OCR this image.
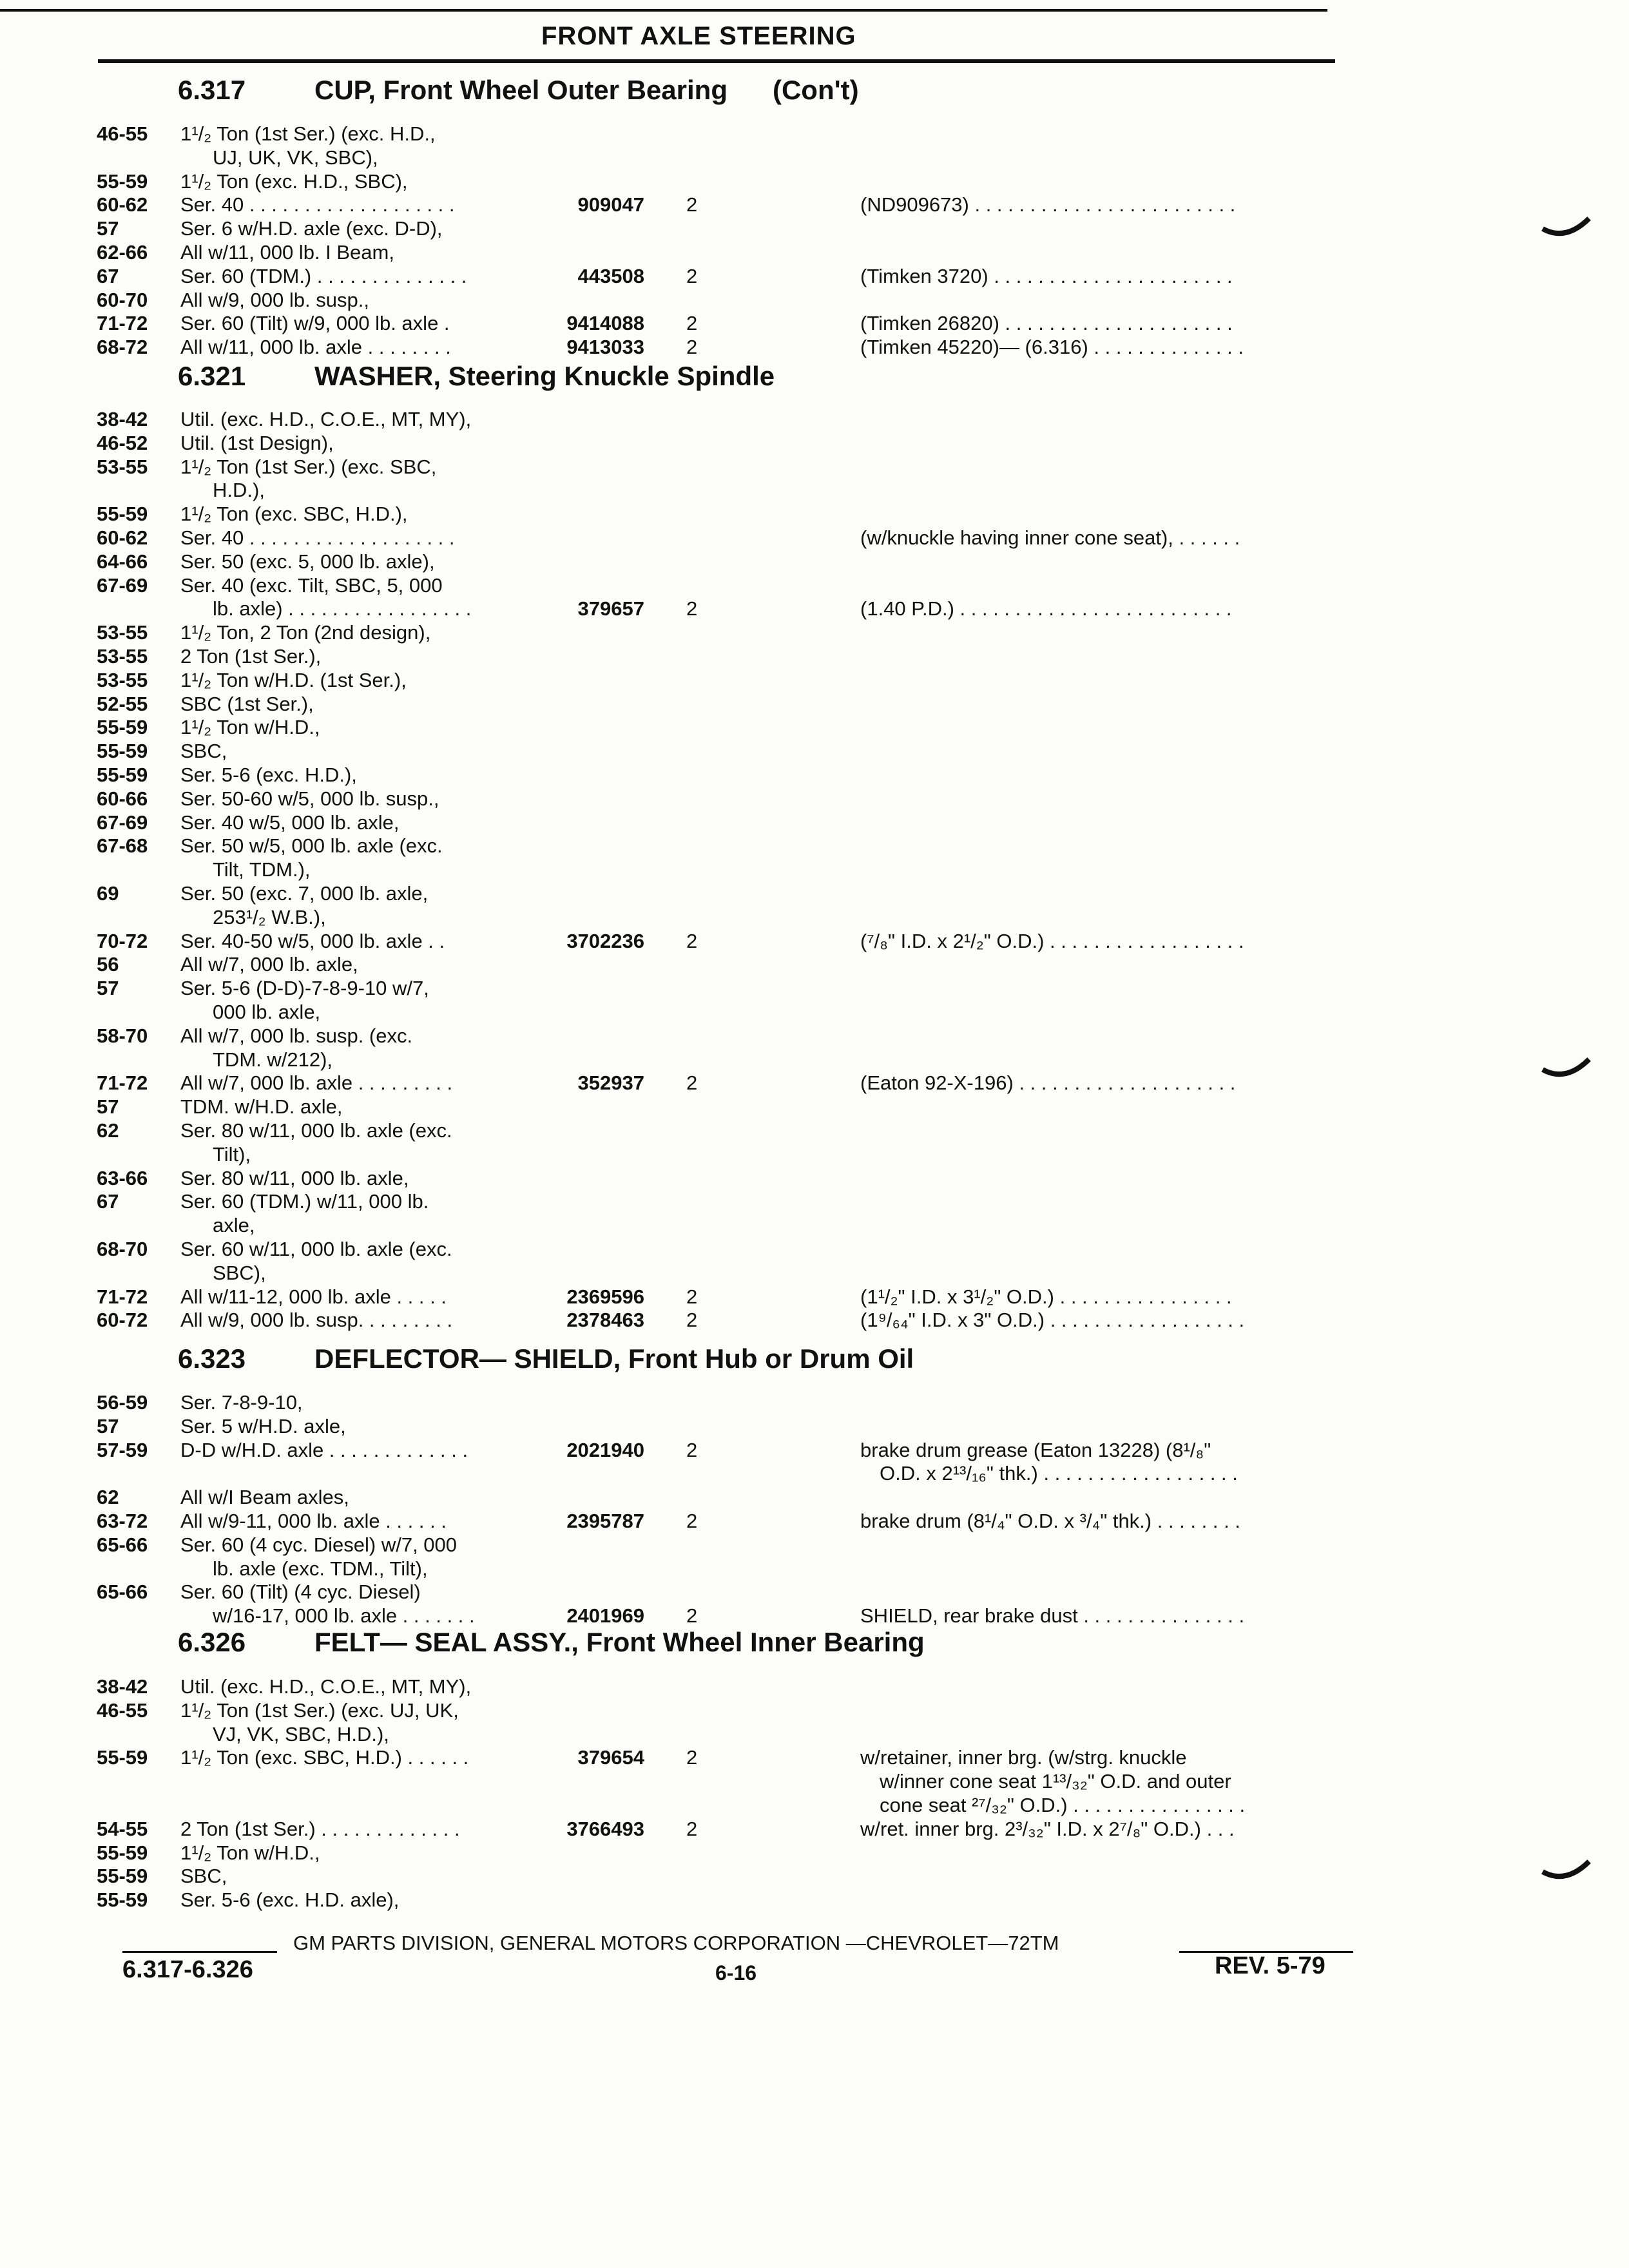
FRONT AXLE STEERING
6.317	CUP, Front Wheel Outer Bearing (Con't)
46-55	1¹/₂ Ton (1st Ser.) (exc. H.D.,
UJ, UK, VK, SBC),
55-59	1¹/₂ Ton (exc. H.D., SBC),
60-62	Ser. 40 . . . . . . . . . . . . . . . . . . .	909047 2	(ND909673) . . . . . . . . . . . . . . . . . . . . . . . .
57	Ser. 6 w/H.D. axle (exc. D-D),
62-66	All w/11, 000 lb. I Beam,
67	Ser. 60 (TDM.) . . . . . . . . . . . . . .	443508 2	(Timken 3720) . . . . . . . . . . . . . . . . . . . . . .
60-70	All w/9, 000 lb. susp.,
71-72	Ser. 60 (Tilt) w/9, 000 lb. axle .	9414088 2	(Timken 26820) . . . . . . . . . . . . . . . . . . . . .
68-72	All w/11, 000 lb. axle . . . . . . . .	9413033 2	(Timken 45220)— (6.316) . . . . . . . . . . . . . .
6.321	WASHER, Steering Knuckle Spindle
38-42	Util. (exc. H.D., C.O.E., MT, MY),
46-52	Util. (1st Design),
53-55	1¹/₂ Ton (1st Ser.) (exc. SBC,
H.D.),
55-59	1¹/₂ Ton (exc. SBC, H.D.),
60-62	Ser. 40 . . . . . . . . . . . . . . . . . . .	(w/knuckle having inner cone seat), . . . . . .
64-66	Ser. 50 (exc. 5, 000 lb. axle),
67-69	Ser. 40 (exc. Tilt, SBC, 5, 000
lb. axle) . . . . . . . . . . . . . . . . .	379657 2	(1.40 P.D.) . . . . . . . . . . . . . . . . . . . . . . . . .
53-55	1¹/₂ Ton, 2 Ton (2nd design),
53-55	2 Ton (1st Ser.),
53-55	1¹/₂ Ton w/H.D. (1st Ser.),
52-55	SBC (1st Ser.),
55-59	1¹/₂ Ton w/H.D.,
55-59	SBC,
55-59	Ser. 5-6 (exc. H.D.),
60-66	Ser. 50-60 w/5, 000 lb. susp.,
67-69	Ser. 40 w/5, 000 lb. axle,
67-68	Ser. 50 w/5, 000 lb. axle (exc.
Tilt, TDM.),
69	Ser. 50 (exc. 7, 000 lb. axle,
253¹/₂ W.B.),
70-72	Ser. 40-50 w/5, 000 lb. axle . .	3702236 2	(⁷/₈" I.D. x 2¹/₂" O.D.) . . . . . . . . . . . . . . . . . .
56	All w/7, 000 lb. axle,
57	Ser. 5-6 (D-D)-7-8-9-10 w/7,
000 lb. axle,
58-70	All w/7, 000 lb. susp. (exc.
TDM. w/212),
71-72	All w/7, 000 lb. axle . . . . . . . . .	352937 2	(Eaton 92-X-196) . . . . . . . . . . . . . . . . . . . .
57	TDM. w/H.D. axle,
62	Ser. 80 w/11, 000 lb. axle (exc.
Tilt),
63-66	Ser. 80 w/11, 000 lb. axle,
67	Ser. 60 (TDM.) w/11, 000 lb.
axle,
68-70	Ser. 60 w/11, 000 lb. axle (exc.
SBC),
71-72	All w/11-12, 000 lb. axle . . . . .	2369596 2	(1¹/₂" I.D. x 3¹/₂" O.D.) . . . . . . . . . . . . . . . .
60-72	All w/9, 000 lb. susp. . . . . . . . .	2378463 2	(1⁹/₆₄" I.D. x 3" O.D.) . . . . . . . . . . . . . . . . . .
6.323	DEFLECTOR— SHIELD, Front Hub or Drum Oil
56-59	Ser. 7-8-9-10,
57	Ser. 5 w/H.D. axle,
57-59	D-D w/H.D. axle . . . . . . . . . . . . .	2021940 2	brake drum grease (Eaton 13228) (8¹/₈"
O.D. x 2¹³/₁₆" thk.) . . . . . . . . . . . . . . . . . .
62	All w/I Beam axles,
63-72	All w/9-11, 000 lb. axle . . . . . .	2395787 2	brake drum (8¹/₄" O.D. x ³/₄" thk.) . . . . . . . .
65-66	Ser. 60 (4 cyc. Diesel) w/7, 000
lb. axle (exc. TDM., Tilt),
65-66	Ser. 60 (Tilt) (4 cyc. Diesel)
w/16-17, 000 lb. axle . . . . . . .	2401969 2	SHIELD, rear brake dust . . . . . . . . . . . . . . .
6.326	FELT— SEAL ASSY., Front Wheel Inner Bearing
38-42	Util. (exc. H.D., C.O.E., MT, MY),
46-55	1¹/₂ Ton (1st Ser.) (exc. UJ, UK,
VJ, VK, SBC, H.D.),
55-59	1¹/₂ Ton (exc. SBC, H.D.) . . . . . .	379654 2	w/retainer, inner brg. (w/strg. knuckle
w/inner cone seat 1¹³/₃₂" O.D. and outer
cone seat ²⁷/₃₂" O.D.) . . . . . . . . . . . . . . . .
54-55	2 Ton (1st Ser.) . . . . . . . . . . . . .	3766493 2	w/ret. inner brg. 2³/₃₂" I.D. x 2⁷/₈" O.D.) . . .
55-59	1¹/₂ Ton w/H.D.,
55-59	SBC,
55-59	Ser. 5-6 (exc. H.D. axle),
GM PARTS DIVISION, GENERAL MOTORS CORPORATION —CHEVROLET—72TM
6.317-6.326	6-16	REV. 5-79
